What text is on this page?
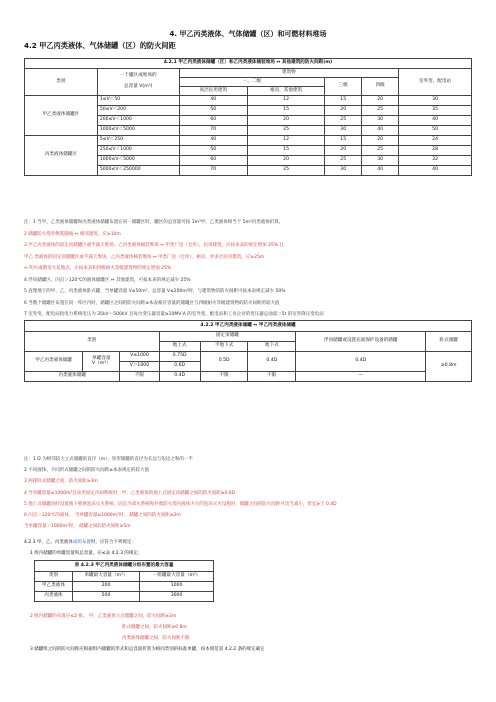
4. 甲乙丙类液体、气体储罐（区）和可燃材料堆场
4.2 甲乙丙类液体、气体储罐（区）的防火间距
4.2.1 甲乙丙类液体储罐（区）和乙丙类液体桶装堆场 ↔ 其他建筑的防火间距(m)						
类别	一个罐区或堆场的
总容量 V(m³)	建筑物				室外变、配电站
		一、二级		三级	四级	
		高层民用建筑	裙房、其他建筑			
甲乙类液体储罐区	1≤V＜50	40	12	15	20	30
	50≤V＜200	50	15	20	25	35
	200≤V＜1000	60	20	25	30	40
	1000≤V＜5000	70	25	30	40	50
丙类液体储罐区	5≤V＜250	40	12	15	20	24
	250≤V＜1000	50	15	20	25	28
	1000≤V＜5000	60	20	25	30	32
	5000≤V＜250000	70	25	30	40	40
注：1 当甲、乙类液体储罐和丙类液体储罐布置在同一储罐区时，罐区的总容量可按 1m³甲、乙类液体相当于 5m³丙类液体折算。
2 储罐防火堤外侧基脚线 ↔ 相邻建筑，应≥10m
3 甲乙丙类液体的固定顶储罐区或半露天堆场，乙丙类液体桶装堆场 ↔ 甲类厂房（仓库），民用建筑，应按本表的规定增加 25% 且
甲乙 类液体的固定顶储罐区或半露天堆场，乙丙类液体桶装堆场 ↔ 甲类厂房（仓库），裙房、单多层民用建筑，应≥25m
↔ 明火或散发火花地点，应按本表和四级耐火等级建筑物的规定增加 25%
4 浮顶储罐区、闪点＞120℃的液体储罐区 ↔ 其他建筑，可按本表的规定减少 25%
5 直埋地下的甲、乙、丙类液体卧式罐，当单罐容量 V≤50m³，总容量 V≤200m³时，与建筑物的防火间距可按本表规定减少 50%
6 当数个储罐区布置在同一库区内时，储罐区之间的防火间距≥本表相应容量的储罐区与四级耐火等级建筑物的防火间距的较大值
7 室外变、配电站指电力系统电压为 35kV～500kV 且每台变压器容量≥10MV·A 的室外变、配电站和工业企业的变压器总油量＞5t 的室外降压变电站
4.2.2 甲乙丙类液体储罐 ↔ 甲乙丙类液体储罐							
类别			固定顶储罐			浮顶储罐或设置充氮保护设备的储罐	卧式储罐
			地上式	半地下式	地下式		
甲乙丙类液体储罐	单罐容量
V（m³）	V≤1000	0.75D	0.5D	0.4D	0.4D	≥0.8m
		V＞1000	0.6D				
丙类液体储罐		不限	0.4D	不限	不限	—	
注：1 D 为相邻较大立式储罐的直径（m），矩形储罐的直径为长边与短边之和的一半
2 不同液体、不同形式储罐之间的防火间距≥本表规定的较大值
3 两排卧式储罐之间，防火间距≥3m
4 当单罐容量≤1000m³且采用固定冷却系统时，甲、乙类液体的地上式固定顶储罐之间的防火间距≥0.6D
5 地上式储罐同时设置液下喷射泡沫灭火系统、固定冷却水系统和扑救防火堤内液体火灾的泡沫灭火设施时，储罐之间的防火间距可适当减小，但宜≥于 0.4D
6 闪点＞120℃的液体， 当单罐容量≤1000m³时， 储罐之间的防火间距≥2m
当单罐容量＞1000m³时， 储罐之间的防火间距≥5m
4.2.3 甲、乙、丙类液体成组布置时，应符合下列规定：
1 组内储罐的单罐容量和总容量，应≤表 4.2.3 的规定；
表 4.2.3 甲乙丙类液体储罐分组布置的最大容量		
类别	单罐最大容量（m³）	一组罐最大容量（m³）
甲乙类液体	200	1000
丙类液体	500	3000
2 组内储罐的布置应≤2 排。 甲、乙类液体立式储罐之间，防火间距≥2m
卧式储罐之间，防火间距≥0.8m
丙类液体储罐之间，防火间距不限
3 储罐组之间的防火间距应根据组内储罐的形式和总容量折算为相同类别的标准单罐，按本规范第 4.2.2 条的规定确定
